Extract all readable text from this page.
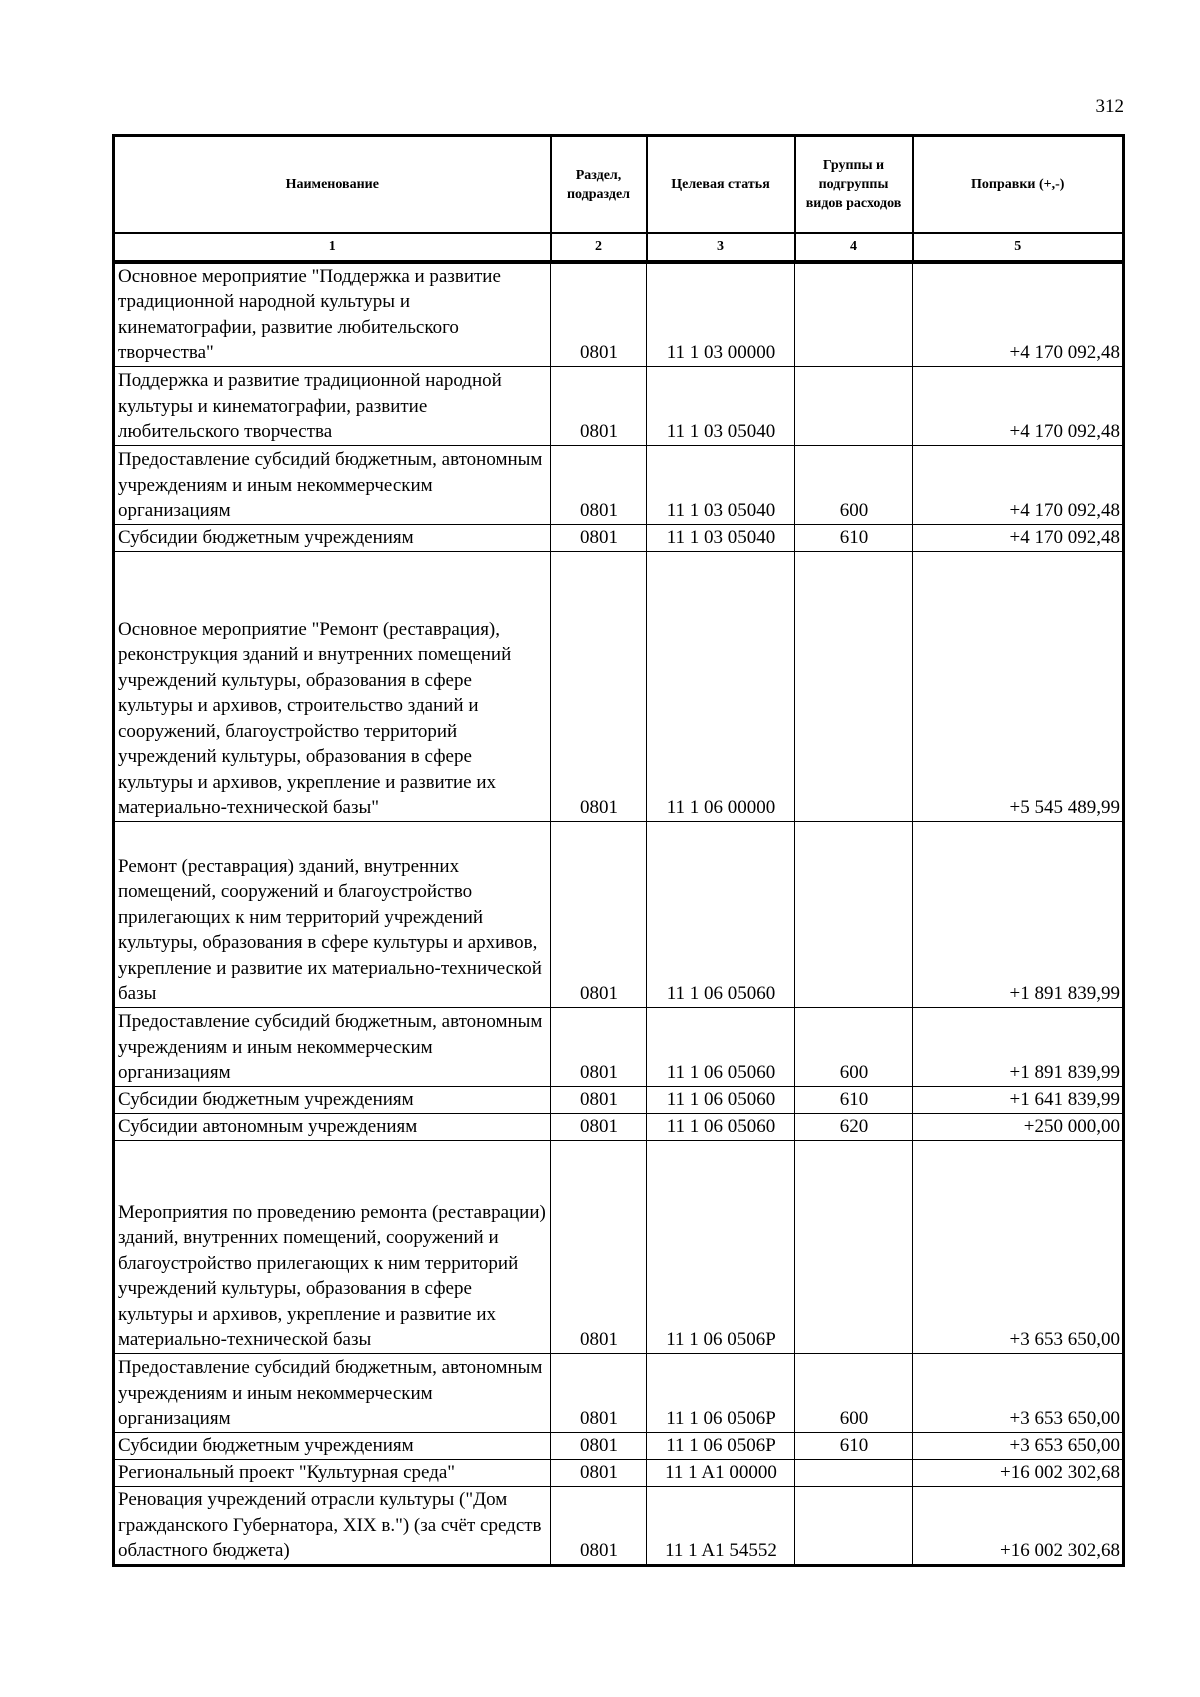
312
Наименование	Раздел, подраздел	Целевая статья	Группы и подгруппы видов расходов	Поправки (+,-)
1	2	3	4	5
Основное мероприятие "Поддержка и развитие традиционной народной культуры и кинематографии, развитие любительского творчества"	0801	11 1 03 00000		+4 170 092,48
Поддержка и развитие традиционной народной культуры и кинематографии, развитие любительского творчества	0801	11 1 03 05040		+4 170 092,48
Предоставление субсидий бюджетным, автономным учреждениям и иным некоммерческим организациям	0801	11 1 03 05040	600	+4 170 092,48
Субсидии бюджетным учреждениям	0801	11 1 03 05040	610	+4 170 092,48
Основное мероприятие "Ремонт (реставрация), реконструкция зданий и внутренних помещений учреждений культуры, образования в сфере культуры и архивов, строительство зданий и сооружений, благоустройство территорий учреждений культуры, образования в сфере культуры и архивов, укрепление и развитие их материально-технической базы"	0801	11 1 06 00000		+5 545 489,99
Ремонт (реставрация) зданий, внутренних помещений, сооружений и благоустройство прилегающих к ним территорий учреждений культуры, образования в сфере культуры и архивов, укрепление и развитие их материально-технической базы	0801	11 1 06 05060		+1 891 839,99
Предоставление субсидий бюджетным, автономным учреждениям и иным некоммерческим организациям	0801	11 1 06 05060	600	+1 891 839,99
Субсидии бюджетным учреждениям	0801	11 1 06 05060	610	+1 641 839,99
Субсидии автономным учреждениям	0801	11 1 06 05060	620	+250 000,00
Мероприятия по проведению ремонта (реставрации) зданий, внутренних помещений, сооружений и благоустройство прилегающих к ним территорий учреждений культуры, образования в сфере культуры и архивов, укрепление и развитие их материально-технической базы	0801	11 1 06 0506Р		+3 653 650,00
Предоставление субсидий бюджетным, автономным учреждениям и иным некоммерческим организациям	0801	11 1 06 0506Р	600	+3 653 650,00
Субсидии бюджетным учреждениям	0801	11 1 06 0506Р	610	+3 653 650,00
Региональный проект "Культурная среда"	0801	11 1 A1 00000		+16 002 302,68
Реновация учреждений отрасли культуры ("Дом гражданского Губернатора, XIX в.") (за счёт средств областного бюджета)	0801	11 1 A1 54552		+16 002 302,68
